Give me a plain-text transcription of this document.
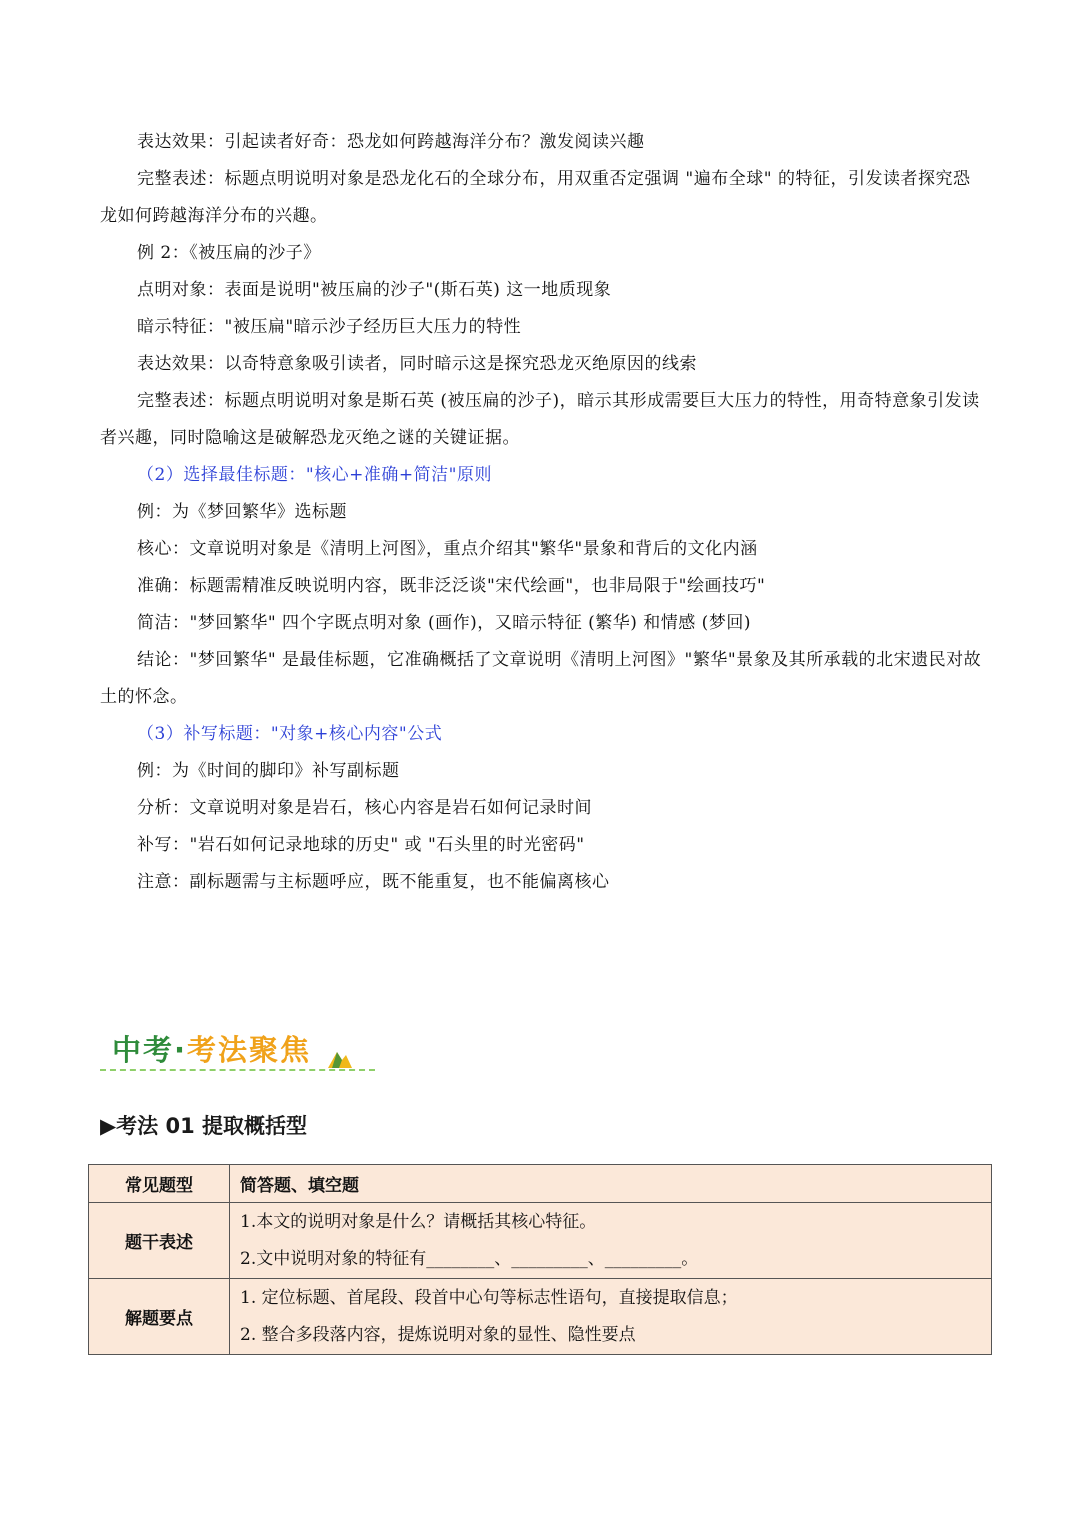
表达效果：引起读者好奇：恐龙如何跨越海洋分布？激发阅读兴趣

完整表述：标题点明说明对象是恐龙化石的全球分布，用双重否定强调 "遍布全球" 的特征，引发读者探究恐龙如何跨越海洋分布的兴趣。

例 2：《被压扁的沙子》

点明对象：表面是说明"被压扁的沙子"(斯石英) 这一地质现象

暗示特征："被压扁"暗示沙子经历巨大压力的特性

表达效果：以奇特意象吸引读者，同时暗示这是探究恐龙灭绝原因的线索

完整表述：标题点明说明对象是斯石英 (被压扁的沙子)，暗示其形成需要巨大压力的特性，用奇特意象引发读者兴趣，同时隐喻这是破解恐龙灭绝之谜的关键证据。

（2）选择最佳标题："核心+准确+简洁"原则

例：为《梦回繁华》选标题

核心：文章说明对象是《清明上河图》，重点介绍其"繁华"景象和背后的文化内涵

准确：标题需精准反映说明内容，既非泛泛谈"宋代绘画"，也非局限于"绘画技巧"

简洁："梦回繁华" 四个字既点明对象 (画作)，又暗示特征 (繁华) 和情感 (梦回)

结论："梦回繁华" 是最佳标题，它准确概括了文章说明《清明上河图》"繁华"景象及其所承载的北宋遗民对故土的怀念。

（3）补写标题："对象+核心内容"公式

例：为《时间的脚印》补写副标题

分析：文章说明对象是岩石，核心内容是岩石如何记录时间

补写："岩石如何记录地球的历史" 或 "石头里的时光密码"

注意：副标题需与主标题呼应，既不能重复，也不能偏离核心

中考·考法聚焦
▶考法 01 提取概括型
常见题型	简答题、填空题
题干表述	1.本文的说明对象是什么？请概括其核心特征。
2.文中说明对象的特征有________、_________、_________。

解题要点	1. 定位标题、首尾段、段首中心句等标志性语句，直接提取信息；
2. 整合多段落内容，提炼说明对象的显性、隐性要点
